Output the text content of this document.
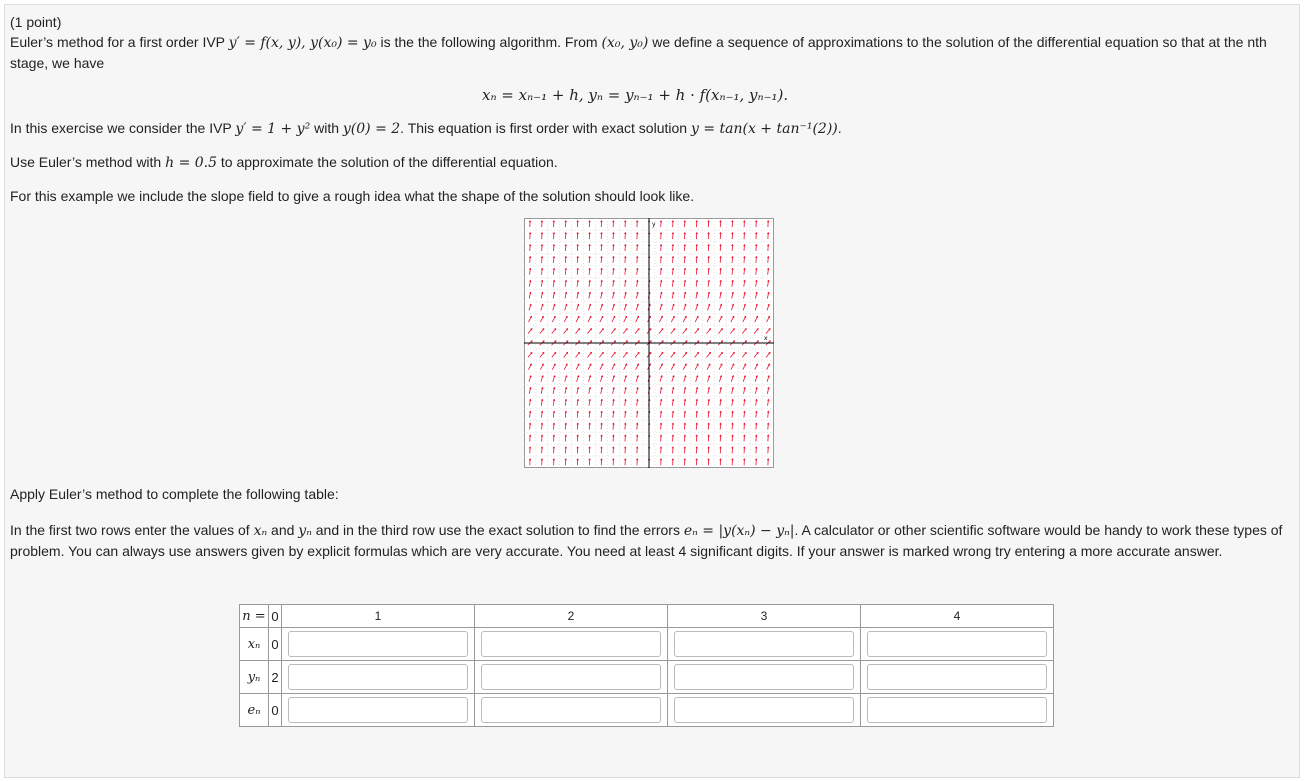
(1 point)
Euler’s method for a first order IVP y′ = f(x, y), y(x₀) = y₀ is the the following algorithm. From (x₀, y₀) we define a sequence of approximations to the solution of the differential equation so that at the nth stage, we have
xₙ = xₙ₋₁ + h, yₙ = yₙ₋₁ + h · f(xₙ₋₁, yₙ₋₁).
In this exercise we consider the IVP y′ = 1 + y² with y(0) = 2. This equation is first order with exact solution y = tan(x + tan⁻¹(2)).
Use Euler’s method with h = 0.5 to approximate the solution of the differential equation.
For this example we include the slope field to give a rough idea what the shape of the solution should look like.
x
y
Apply Euler’s method to complete the following table:
In the first two rows enter the values of xₙ and yₙ and in the third row use the exact solution to find the errors eₙ = |y(xₙ) − yₙ|. A calculator or other scientific software would be handy to work these types of problem. You can always use answers given by explicit formulas which are very accurate. You need at least 4 significant digits. If your answer is marked wrong try entering a more accurate answer.
n =	0	1	2	3	4
xₙ	0	

yₙ	2	

eₙ	0	
